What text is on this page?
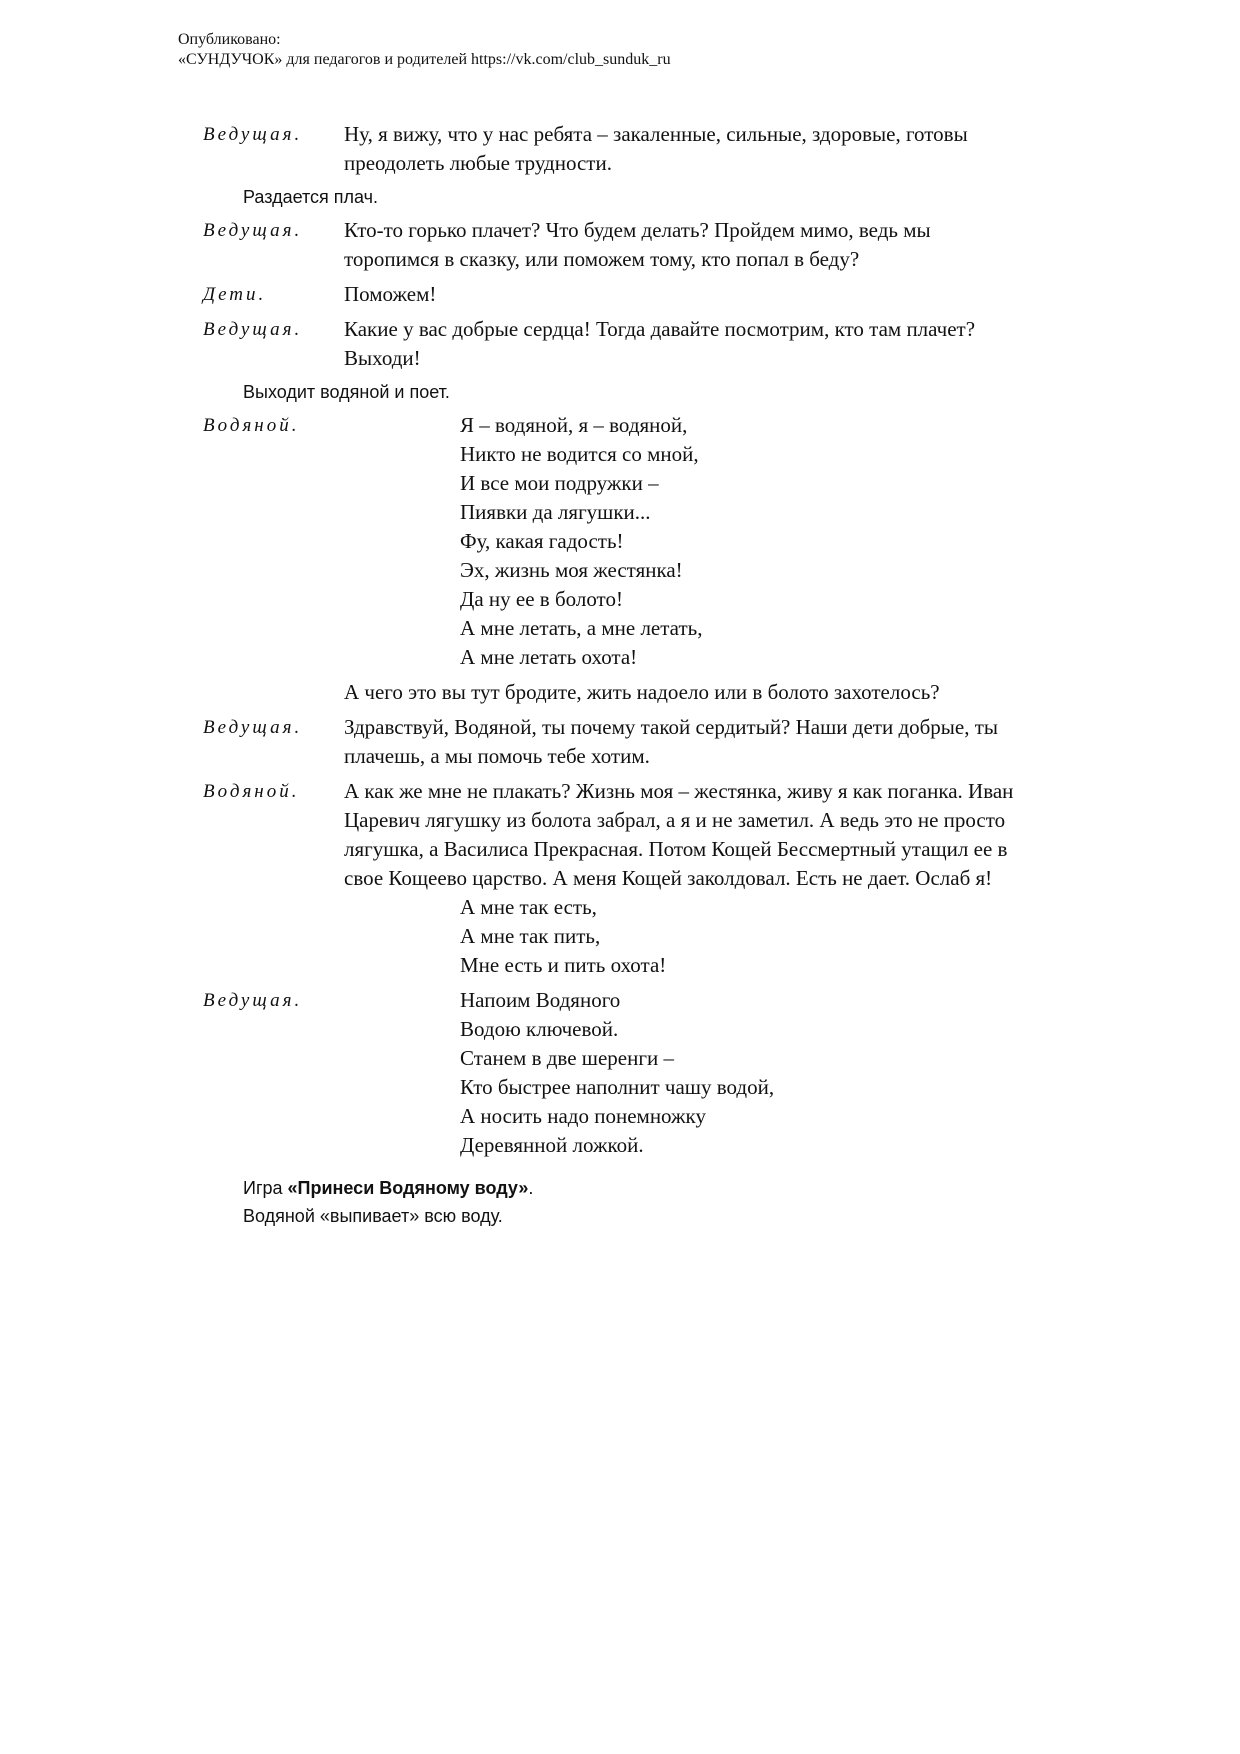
Опубликовано:
«СУНДУЧОК» для педагогов и родителей https://vk.com/club_sunduk_ru
Ведущая. Ну, я вижу, что у нас ребята – закаленные, сильные, здоровые, готовы преодолеть любые трудности.
Раздается плач.
Ведущая. Кто-то горько плачет? Что будем делать? Пройдем мимо, ведь мы торопимся в сказку, или поможем тому, кто попал в беду?
Дети.	Поможем!
Ведущая. Какие у вас добрые сердца! Тогда давайте посмотрим, кто там плачет? Выходи!
Выходит водяной и поет.
Водяной.	Я – водяной, я – водяной,
Никто не водится со мной,
И все мои подружки –
Пиявки да лягушки...
Фу, какая гадость!
Эх, жизнь моя жестянка!
Да ну ее в болото!
А мне летать, а мне летать,
А мне летать охота!
А чего это вы тут бродите, жить надоело или в болото захотелось?
Ведущая. Здравствуй, Водяной, ты почему такой сердитый? Наши дети добрые, ты плачешь, а мы помочь тебе хотим.
Водяной. А как же мне не плакать? Жизнь моя – жестянка, живу я как поганка. Иван Царевич лягушку из болота забрал, а я и не заметил. А ведь это не просто лягушка, а Василиса Прекрасная. Потом Кощей Бессмертный утащил ее в свое Кощеево царство. А меня Кощей заколдовал. Есть не дает. Ослаб я!
А мне так есть,
А мне так пить,
Мне есть и пить охота!
Ведущая.	Напоим Водяного
Водою ключевой.
Станем в две шеренги –
Кто быстрее наполнит чашу водой,
А носить надо понемножку
Деревянной ложкой.
Игра «Принеси Водяному воду».
Водяной «выпивает» всю воду.
